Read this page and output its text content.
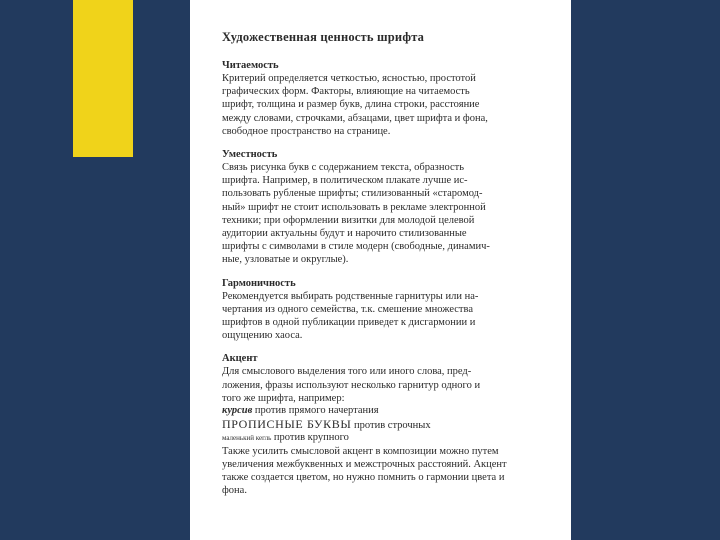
Художественная ценность шрифта

Читаемость

Критерий определяется четкостью, ясностью, простотой
графических форм. Факторы, влияющие на читаемость
шрифт, толщина и размер букв, длина строки, расстояние
между словами, строчками, абзацами, цвет шрифта и фона,
свободное пространство на странице.

Уместность

Связь рисунка букв с содержанием текста, образность
шрифта. Например, в политическом плакате лучше ис-
пользовать рубленые шрифты; стилизованный «старомод-
ный» шрифт не стоит использовать в рекламе электронной
техники; при оформлении визитки для молодой целевой
аудитории актуальны будут и нарочито стилизованные
шрифты с символами в стиле модерн (свободные, динамич-
ные, узловатые и округлые).

Гармоничность

Рекомендуется выбирать родственные гарнитуры или на-
чертания из одного семейства, т.к. смешение множества
шрифтов в одной публикации приведет к дисгармонии и
ощущению хаоса.

Акцент

Для смыслового выделения того или иного слова, пред-
ложения, фразы используют несколько гарнитур одного и
того же шрифта, например:

курсив против прямого начертания

ПРОПИСНЫЕ БУКВЫ против строчных

маленький кегль против крупного

Также усилить смысловой акцент в композиции можно путем
увеличения межбуквенных и межстрочных расстояний. Акцент
также создается цветом, но нужно помнить о гармонии цвета и
фона.
